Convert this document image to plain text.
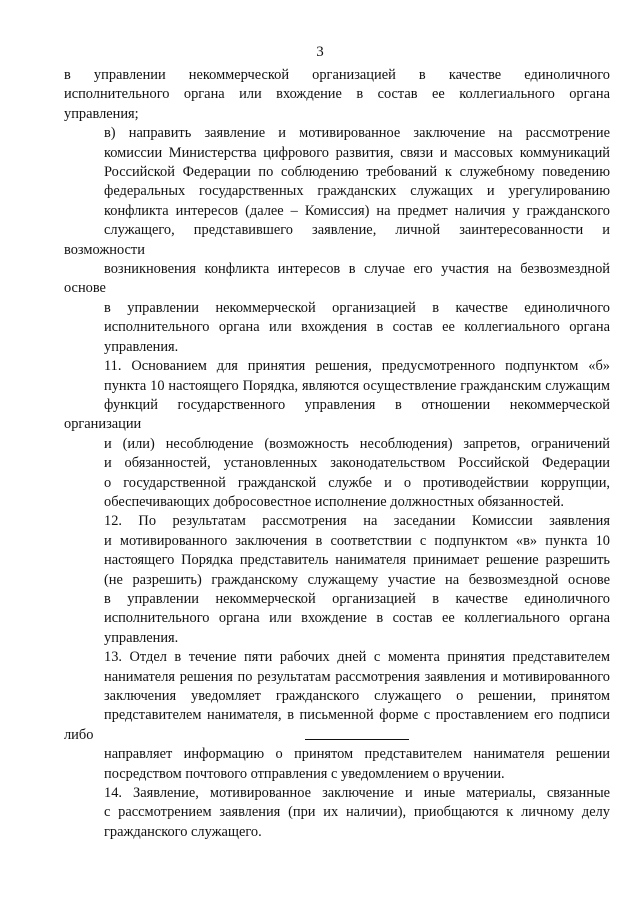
3

в управлении некоммерческой организацией в качестве единоличного
исполнительного органа или вхождение в состав ее коллегиального органа
управления;

в) направить заявление и мотивированное заключение на рассмотрение
комиссии Министерства цифрового развития, связи и массовых коммуникаций
Российской Федерации по соблюдению требований к служебному поведению
федеральных государственных гражданских служащих и урегулированию
конфликта интересов (далее – Комиссия) на предмет наличия у гражданского
служащего, представившего заявление, личной заинтересованности и возможности
возникновения конфликта интересов в случае его участия на безвозмездной основе
в управлении некоммерческой организацией в качестве единоличного
исполнительного органа или вхождения в состав ее коллегиального органа
управления.

11. Основанием для принятия решения, предусмотренного подпунктом «б»
пункта 10 настоящего Порядка, являются осуществление гражданским служащим
функций государственного управления в отношении некоммерческой организации
и (или) несоблюдение (возможность несоблюдения) запретов, ограничений
и обязанностей, установленных законодательством Российской Федерации
о государственной гражданской службе и о противодействии коррупции,
обеспечивающих добросовестное исполнение должностных обязанностей.

12. По результатам рассмотрения на заседании Комиссии заявления
и мотивированного заключения в соответствии с подпунктом «в» пункта 10
настоящего Порядка представитель нанимателя принимает решение разрешить
(не разрешить) гражданскому служащему участие на безвозмездной основе
в управлении некоммерческой организацией в качестве единоличного
исполнительного органа или вхождение в состав ее коллегиального органа
управления.

13. Отдел в течение пяти рабочих дней с момента принятия представителем
нанимателя решения по результатам рассмотрения заявления и мотивированного
заключения уведомляет гражданского служащего о решении, принятом
представителем нанимателя, в письменной форме с проставлением его подписи либо
направляет информацию о принятом представителем нанимателя решении
посредством почтового отправления с уведомлением о вручении.

14. Заявление, мотивированное заключение и иные материалы, связанные
с рассмотрением заявления (при их наличии), приобщаются к личному делу
гражданского служащего.
